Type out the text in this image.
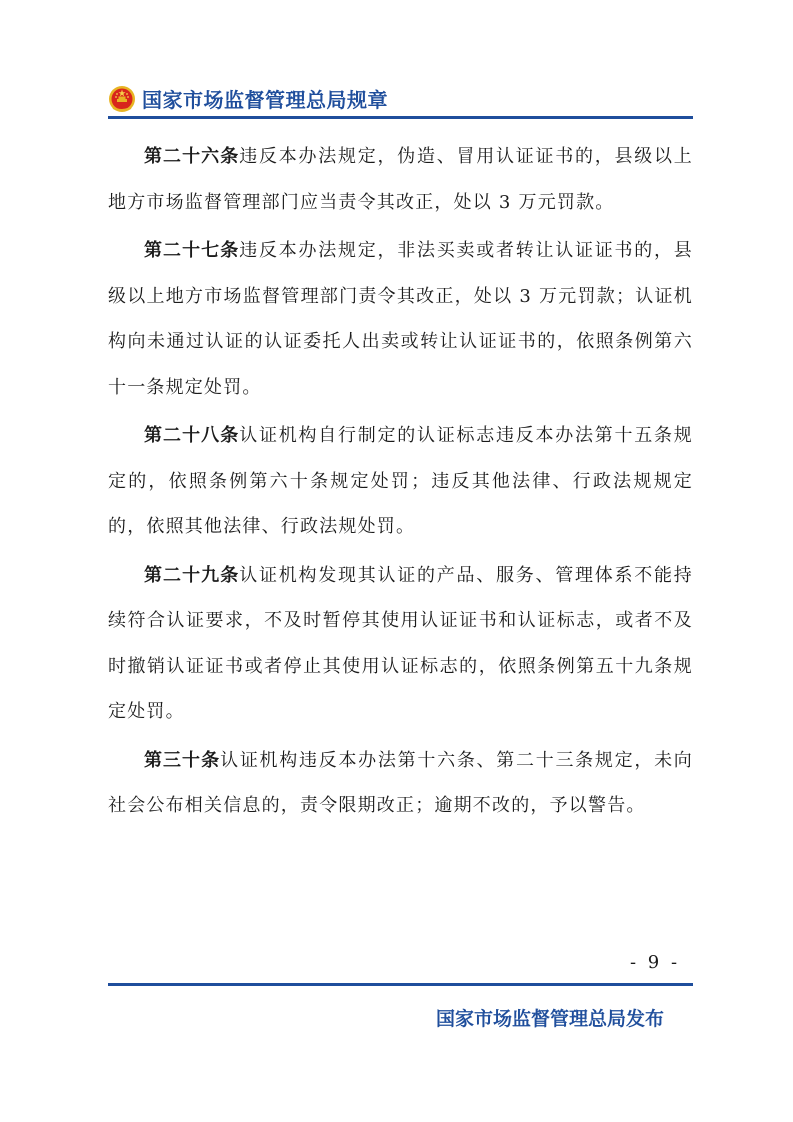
国家市场监督管理总局规章

第二十六条违反本办法规定，伪造、冒用认证证书的，县级以上地方市场监督管理部门应当责令其改正，处以 3 万元罚款。

第二十七条违反本办法规定，非法买卖或者转让认证证书的，县级以上地方市场监督管理部门责令其改正，处以 3 万元罚款；认证机构向未通过认证的认证委托人出卖或转让认证证书的，依照条例第六十一条规定处罚。

第二十八条认证机构自行制定的认证标志违反本办法第十五条规定的，依照条例第六十条规定处罚；违反其他法律、行政法规规定的，依照其他法律、行政法规处罚。

第二十九条认证机构发现其认证的产品、服务、管理体系不能持续符合认证要求，不及时暂停其使用认证证书和认证标志，或者不及时撤销认证证书或者停止其使用认证标志的，依照条例第五十九条规定处罚。

第三十条认证机构违反本办法第十六条、第二十三条规定，未向社会公布相关信息的，责令限期改正；逾期不改的，予以警告。

- 9 -
国家市场监督管理总局发布
